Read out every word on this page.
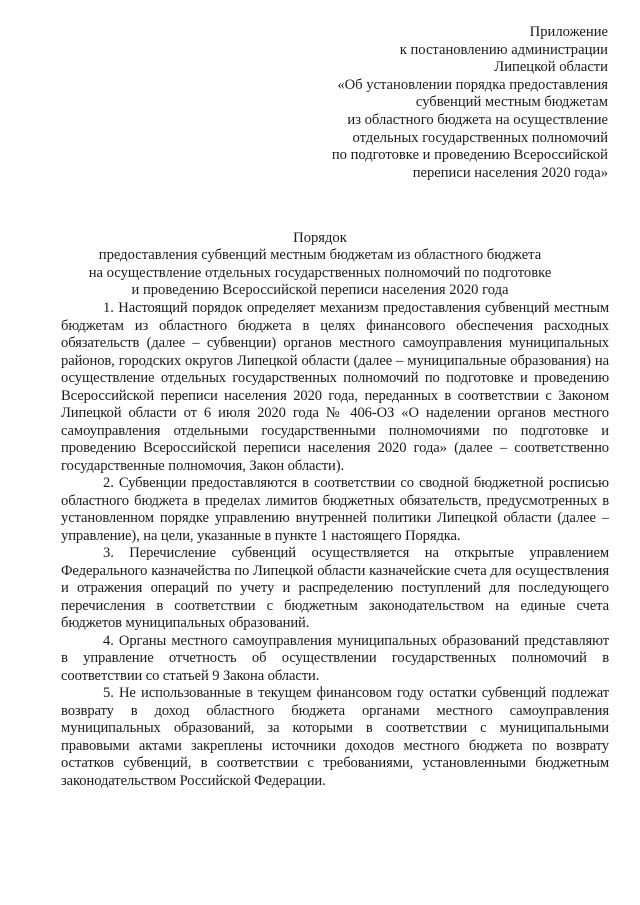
Приложение
к постановлению администрации
Липецкой области
«Об установлении порядка предоставления
субвенций местным бюджетам
из областного бюджета на осуществление
отдельных государственных полномочий
по подготовке и проведению Всероссийской
переписи населения 2020 года»
Порядок
предоставления субвенций местным бюджетам из областного бюджета
на осуществление отдельных государственных полномочий по подготовке
и проведению Всероссийской переписи населения 2020 года

1. Настоящий порядок определяет механизм предоставления субвенций местным бюджетам из областного бюджета в целях финансового обеспечения расходных обязательств (далее – субвенции) органов местного самоуправления муниципальных районов, городских округов Липецкой области (далее – муниципальные образования) на осуществление отдельных государственных полномочий по подготовке и проведению Всероссийской переписи населения 2020 года, переданных в соответствии с Законом Липецкой области от 6 июля 2020 года № 406-ОЗ «О наделении органов местного самоуправления отдельными государственными полномочиями по подготовке и проведению Всероссийской переписи населения 2020 года» (далее – соответственно государственные полномочия, Закон области).

2. Субвенции предоставляются в соответствии со сводной бюджетной росписью областного бюджета в пределах лимитов бюджетных обязательств, предусмотренных в установленном порядке управлению внутренней политики Липецкой области (далее – управление), на цели, указанные в пункте 1 настоящего Порядка.

3. Перечисление субвенций осуществляется на открытые управлением Федерального казначейства по Липецкой области казначейские счета для осуществления и отражения операций по учету и распределению поступлений для последующего перечисления в соответствии с бюджетным законодательством на единые счета бюджетов муниципальных образований.

4. Органы местного самоуправления муниципальных образований представляют в управление отчетность об осуществлении государственных полномочий в соответствии со статьей 9 Закона области.

5. Не использованные в текущем финансовом году остатки субвенций подлежат возврату в доход областного бюджета органами местного самоуправления муниципальных образований, за которыми в соответствии с муниципальными правовыми актами закреплены источники доходов местного бюджета по возврату остатков субвенций, в соответствии с требованиями, установленными бюджетным законодательством Российской Федерации.
